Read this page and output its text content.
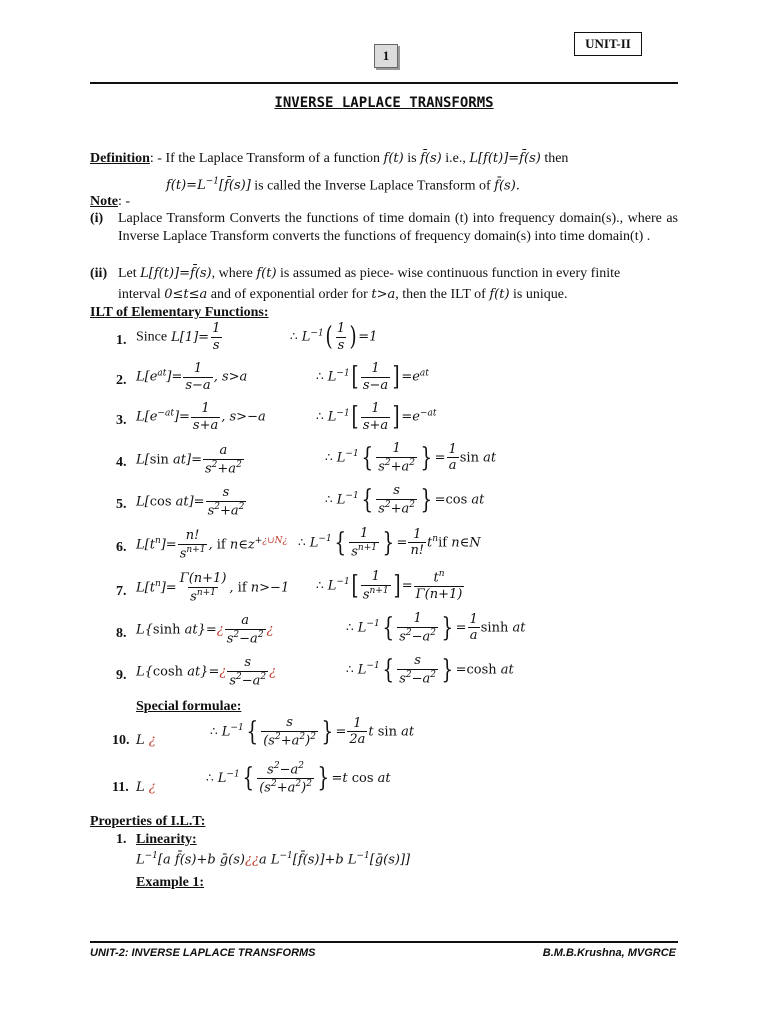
UNIT-II
1
INVERSE LAPLACE TRANSFORMS
Definition: - If the Laplace Transform of a function f(t) is f̄(s) i.e., L[f(t)]=f̄(s) then
$f(t)=L^{-1}[f̄(s)]$ is called the Inverse Laplace Transform of f̄(s).
Note: -
(i) Laplace Transform Converts the functions of time domain (t) into frequency domain(s)., where as Inverse Laplace Transform converts the functions of frequency domain(s) into time domain(t) .
(ii) Let L[f(t)]=f̄(s), where f(t) is assumed as piece- wise continuous function in every finite
interval 0≤t≤a and of exponential order for t>a, then the ILT of f(t) is unique.
ILT of Elementary Functions:
1. Since $L[1]= \frac{1}{s}$	∴ $L^{-1}( \frac{1}{s}$ ) =1
2. $L[e^{at}]= \frac{1}{s-a}$ , s>a	∴ $L^{-1}[ \frac{1}{s-a}$ ] $=e^{at}$
3. $L[e^{-at}]= \frac{1}{s+a}$ , s>−a	∴ $L^{-1}[ \frac{1}{s+a}$ ] $=e^{-at}$
4. L[sin $at]= \frac{a}{s^2+a^2}$	∴ $L^{-1}\{ \frac{1}{s^2+a^2}$ } = $\frac{1}{a}$ sin at
5. L[cos $at]= \frac{s}{s^2+a^2}$	∴ $L^{-1}\{ \frac{s}{s^2+a^2}$ } =cos at
6. $L[t^n]= \frac{n!}{s^{n+1}}$ , if $n\in z^{+¿\cup N¿}$ ∴ $L^{-1}\{ \frac{1}{s^{n+1}}$ } = $\frac{1}{n!} t^nif$ n∈N
7. $L[t^n]= \frac{\Gamma(n+1)}{s^{n+1}}$ , if n>−1 ∴ $L^{-1}[ \frac{1}{s^{n+1}}$ ] = $\frac{t^n}{\Gamma(n+1)}$
8. L{sinh at}=¿ $\frac{a}{s^2-a^2}$ ¿	∴ $L^{-1}\{ \frac{1}{s^2-a^2}$ } = $\frac{1}{a}$ sinh at
9. L{cosh at}=¿ $\frac{s}{s^2-a^2}$ ¿	∴ $L^{-1}\{ \frac{s}{s^2-a^2}$ } =cosh at
Special formulae:
10. L ¿
∴ $L^{-1}\{ \frac{s}{(s^2+a^2)^2}$ } = $\frac{1}{2a}$ t sin at
11. L ¿
∴ $L^{-1}\{ \frac{s^2-a^2}{(s^2+a^2)^2}$ } =t cos at
Properties of I.L.T:
1. Linearity:
$L^{-1}[a$ f̄(s)+b ḡ(s)¿¿a $L^{-1}[f̄(s)]+b$ $L^{-1}[ḡ(s)]$]
Example 1:
UNIT-2: INVERSE LAPLACE TRANSFORMS	B.M.B.Krushna, MVGRCE
